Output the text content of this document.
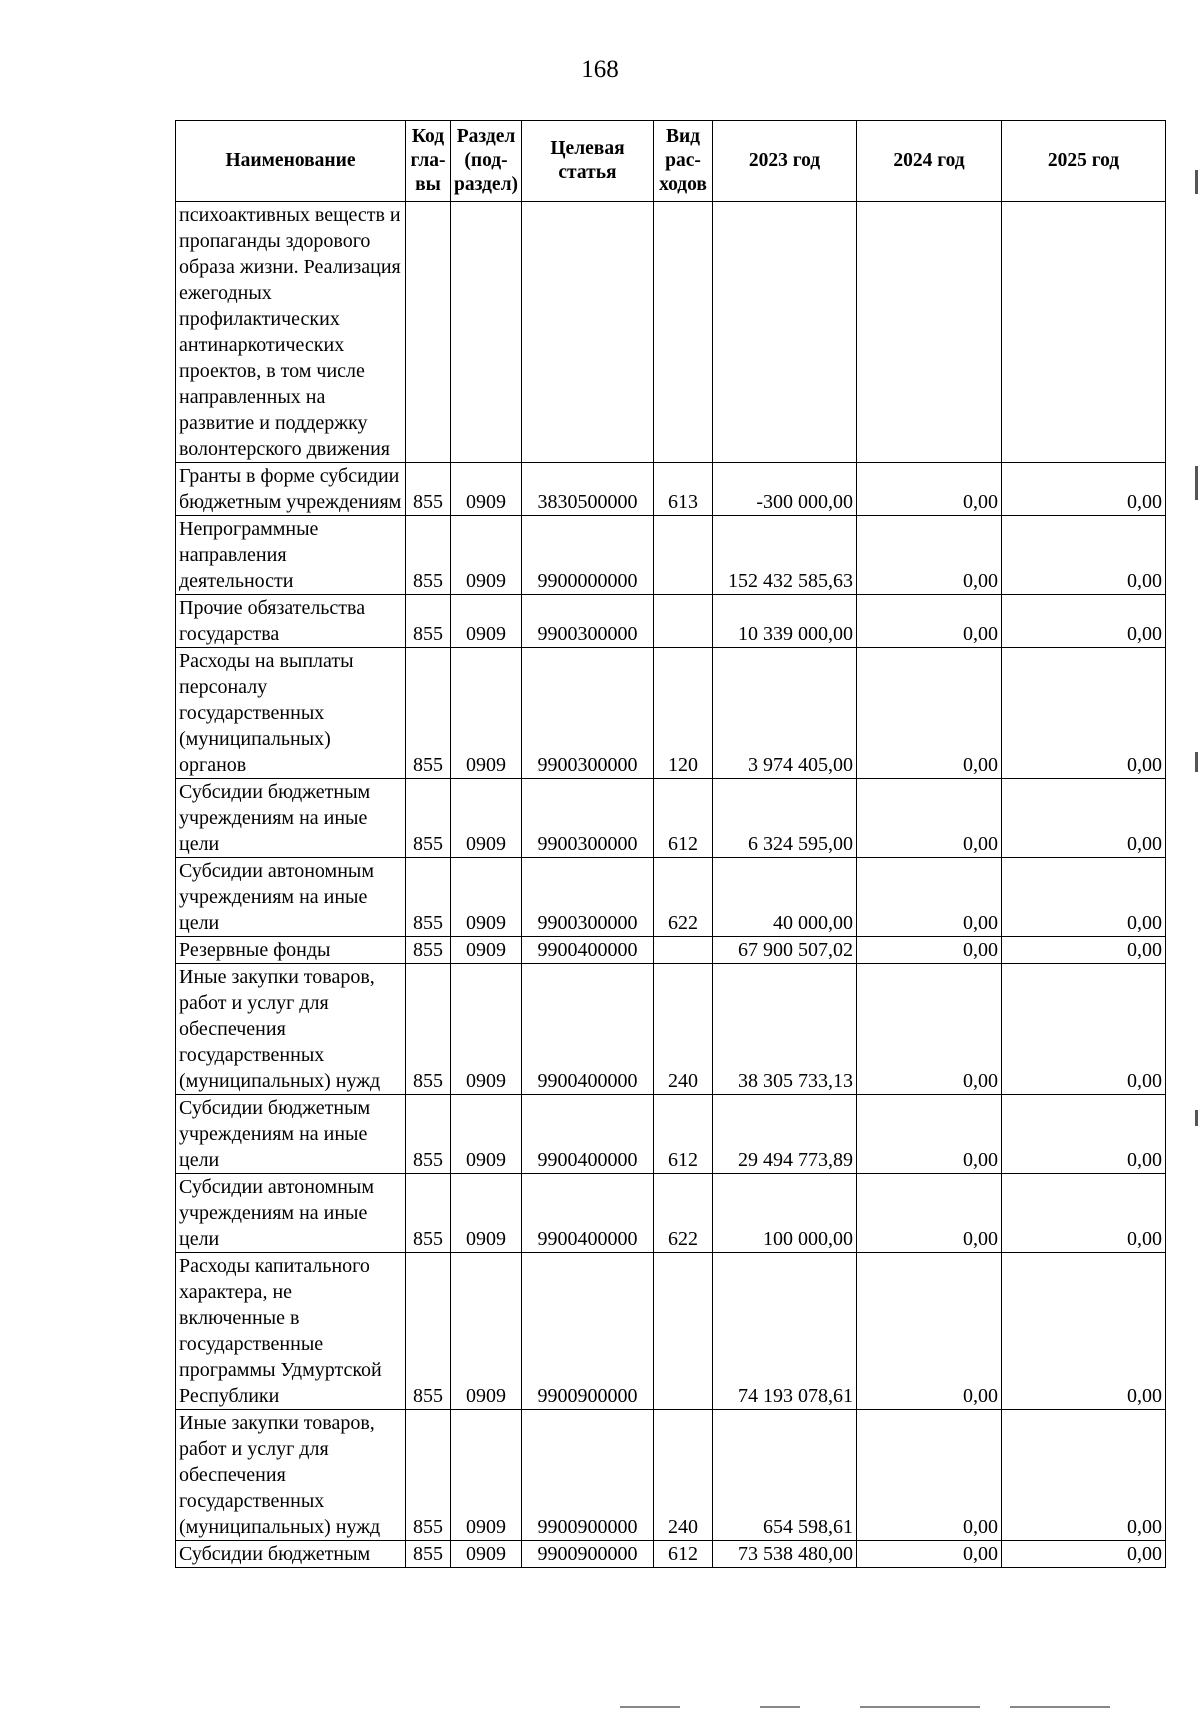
168
Наименование	Код гла-вы	Раздел (под-раздел)	Целевая статья	Вид рас-ходов	2023 год	2024 год	2025 год
психоактивных веществ и пропаганды здорового образа жизни. Реализация ежегодных профилактических антинаркотических проектов, в том числе направленных на развитие и поддержку волонтерского движения							
Гранты в форме субсидии бюджетным учреждениям	855	0909	3830500000	613	-300 000,00	0,00	0,00
Непрограммные направления деятельности	855	0909	9900000000		152 432 585,63	0,00	0,00
Прочие обязательства государства	855	0909	9900300000		10 339 000,00	0,00	0,00
Расходы на выплаты персоналу государственных (муниципальных) органов	855	0909	9900300000	120	3 974 405,00	0,00	0,00
Субсидии бюджетным учреждениям на иные цели	855	0909	9900300000	612	6 324 595,00	0,00	0,00
Субсидии автономным учреждениям на иные цели	855	0909	9900300000	622	40 000,00	0,00	0,00
Резервные фонды	855	0909	9900400000		67 900 507,02	0,00	0,00
Иные закупки товаров, работ и услуг для обеспечения государственных (муниципальных) нужд	855	0909	9900400000	240	38 305 733,13	0,00	0,00
Субсидии бюджетным учреждениям на иные цели	855	0909	9900400000	612	29 494 773,89	0,00	0,00
Субсидии автономным учреждениям на иные цели	855	0909	9900400000	622	100 000,00	0,00	0,00
Расходы капитального характера, не включенные в государственные программы Удмуртской Республики	855	0909	9900900000		74 193 078,61	0,00	0,00
Иные закупки товаров, работ и услуг для обеспечения государственных (муниципальных) нужд	855	0909	9900900000	240	654 598,61	0,00	0,00
Субсидии бюджетным	855	0909	9900900000	612	73 538 480,00	0,00	0,00
